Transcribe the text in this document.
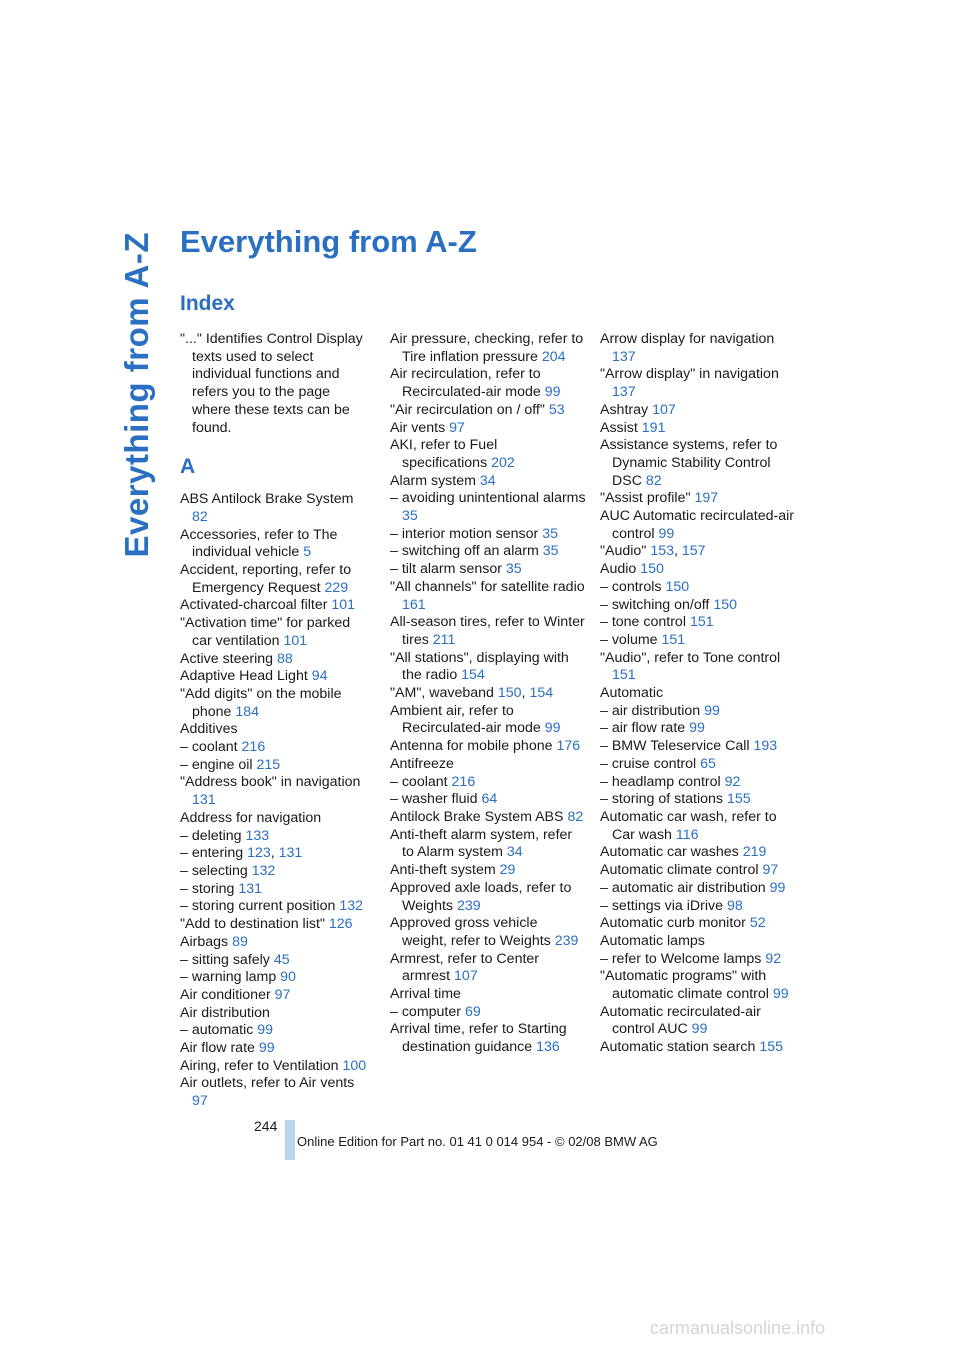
Everything from A-Z Everything from A-Z
Index

"..." Identifies Control Display texts used to select individual functions and refers you to the page where these texts can be found.

A

ABS Antilock Brake System 82

Accessories, refer to The individual vehicle 5

Accident, reporting, refer to Emergency Request 229

Activated-charcoal filter 101

"Activation time" for parked car ventilation 101

Active steering 88

Adaptive Head Light 94

"Add digits" on the mobile phone 184

Additives

– coolant 216

– engine oil 215

"Address book" in navigation 131

Address for navigation

– deleting 133

– entering 123, 131

– selecting 132

– storing 131

– storing current position 132

"Add to destination list" 126

Airbags 89

– sitting safely 45

– warning lamp 90

Air conditioner 97

Air distribution

– automatic 99

Air flow rate 99

Airing, refer to Ventilation 100

Air outlets, refer to Air vents 97

Air pressure, checking, refer to Tire inflation pressure 204

Air recirculation, refer to Recirculated-air mode 99

"Air recirculation on / off" 53

Air vents 97

AKI, refer to Fuel specifications 202

Alarm system 34

– avoiding unintentional alarms 35

– interior motion sensor 35

– switching off an alarm 35

– tilt alarm sensor 35

"All channels" for satellite radio 161

All-season tires, refer to Winter tires 211

"All stations", displaying with the radio 154

"AM", waveband 150, 154

Ambient air, refer to Recirculated-air mode 99

Antenna for mobile phone 176

Antifreeze

– coolant 216

– washer fluid 64

Antilock Brake System ABS 82

Anti-theft alarm system, refer to Alarm system 34

Anti-theft system 29

Approved axle loads, refer to Weights 239

Approved gross vehicle weight, refer to Weights 239

Armrest, refer to Center armrest 107

Arrival time

– computer 69

Arrival time, refer to Starting destination guidance 136

Arrow display for navigation 137

"Arrow display" in navigation 137

Ashtray 107

Assist 191

Assistance systems, refer to Dynamic Stability Control DSC 82

"Assist profile" 197

AUC Automatic recirculated-air control 99

"Audio" 153, 157

Audio 150

– controls 150

– switching on/off 150

– tone control 151

– volume 151

"Audio", refer to Tone control 151

Automatic

– air distribution 99

– air flow rate 99

– BMW Teleservice Call 193

– cruise control 65

– headlamp control 92

– storing of stations 155

Automatic car wash, refer to Car wash 116

Automatic car washes 219

Automatic climate control 97

– automatic air distribution 99

– settings via iDrive 98

Automatic curb monitor 52

Automatic lamps

– refer to Welcome lamps 92

"Automatic programs" with automatic climate control 99

Automatic recirculated-air control AUC 99

Automatic station search 155

244
Online Edition for Part no. 01 41 0 014 954 - © 02/08 BMW AG
carmanualsonline.info
